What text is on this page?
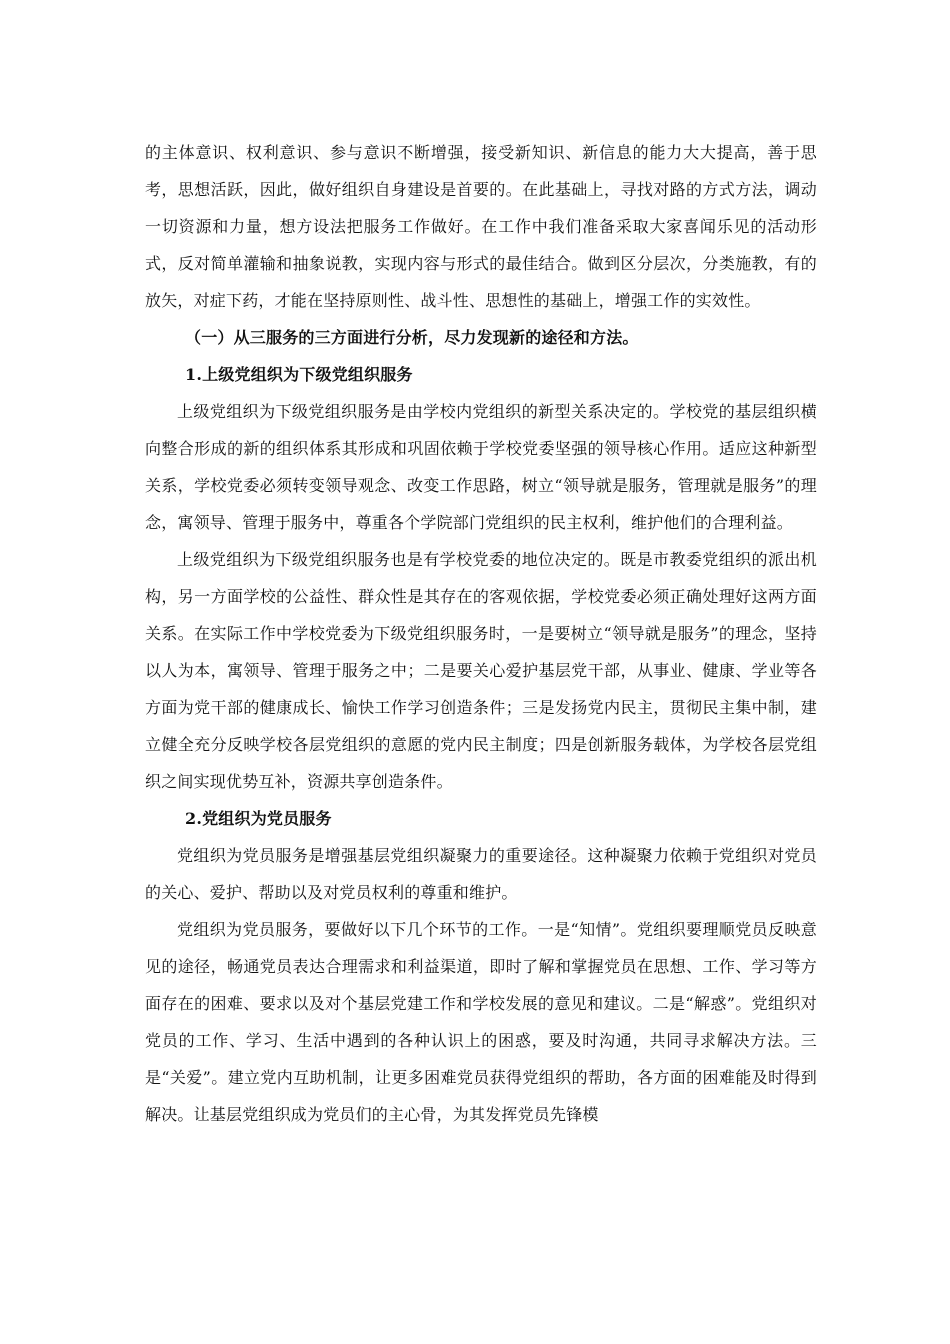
的主体意识、权利意识、参与意识不断增强，接受新知识、新信息的能力大大提高，善于思考，思想活跃，因此，做好组织自身建设是首要的。在此基础上，寻找对路的方式方法，调动一切资源和力量，想方设法把服务工作做好。在工作中我们准备采取大家喜闻乐见的活动形式，反对简单灌输和抽象说教，实现内容与形式的最佳结合。做到区分层次，分类施教，有的放矢，对症下药，才能在坚持原则性、战斗性、思想性的基础上，增强工作的实效性。

（一）从三服务的三方面进行分析，尽力发现新的途径和方法。

1.上级党组织为下级党组织服务

上级党组织为下级党组织服务是由学校内党组织的新型关系决定的。学校党的基层组织横向整合形成的新的组织体系其形成和巩固依赖于学校党委坚强的领导核心作用。适应这种新型关系，学校党委必须转变领导观念、改变工作思路，树立“领导就是服务，管理就是服务”的理念，寓领导、管理于服务中，尊重各个学院部门党组织的民主权利，维护他们的合理利益。

上级党组织为下级党组织服务也是有学校党委的地位决定的。既是市教委党组织的派出机构，另一方面学校的公益性、群众性是其存在的客观依据，学校党委必须正确处理好这两方面关系。在实际工作中学校党委为下级党组织服务时，一是要树立“领导就是服务”的理念，坚持以人为本，寓领导、管理于服务之中；二是要关心爱护基层党干部，从事业、健康、学业等各方面为党干部的健康成长、愉快工作学习创造条件；三是发扬党内民主，贯彻民主集中制，建立健全充分反映学校各层党组织的意愿的党内民主制度；四是创新服务载体，为学校各层党组织之间实现优势互补，资源共享创造条件。

2.党组织为党员服务

党组织为党员服务是增强基层党组织凝聚力的重要途径。这种凝聚力依赖于党组织对党员的关心、爱护、帮助以及对党员权利的尊重和维护。

党组织为党员服务，要做好以下几个环节的工作。一是“知情”。党组织要理顺党员反映意见的途径，畅通党员表达合理需求和利益渠道，即时了解和掌握党员在思想、工作、学习等方面存在的困难、要求以及对个基层党建工作和学校发展的意见和建议。二是“解惑”。党组织对党员的工作、学习、生活中遇到的各种认识上的困惑，要及时沟通，共同寻求解决方法。三是“关爱”。建立党内互助机制，让更多困难党员获得党组织的帮助，各方面的困难能及时得到解决。让基层党组织成为党员们的主心骨，为其发挥党员先锋模
